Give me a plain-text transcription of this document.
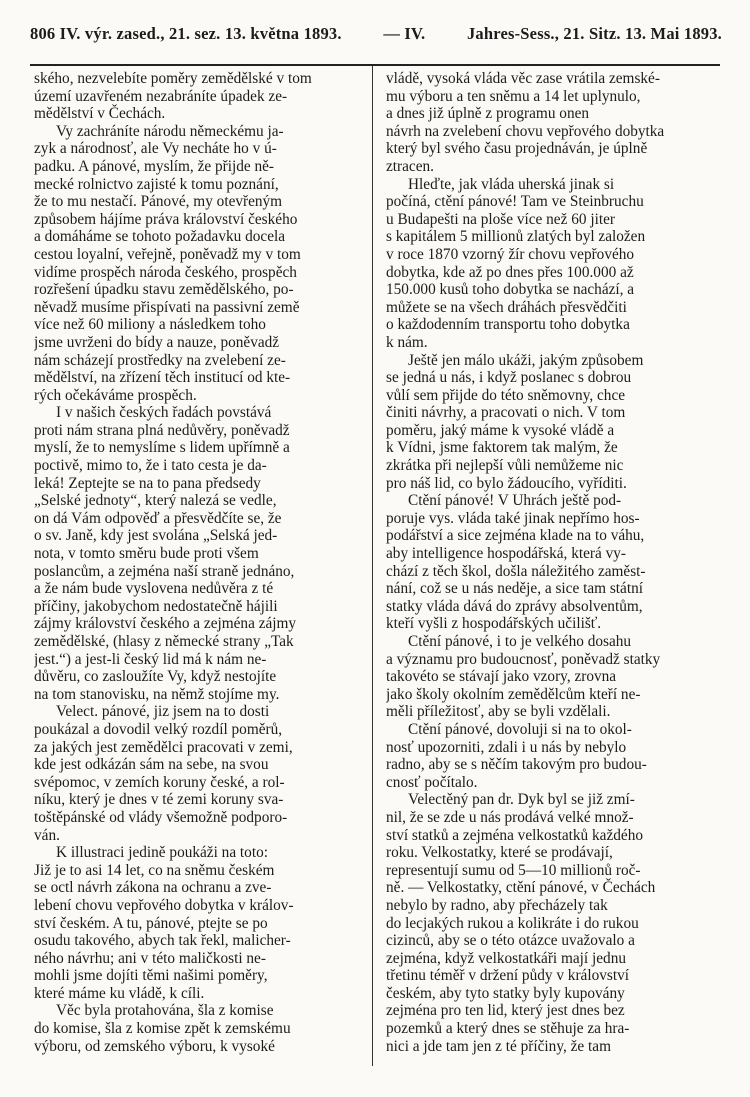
806 IV. výr. zased., 21. sez. 13. května 1893.	— IV.	Jahres-Sess., 21. Sitz. 13. Mai 1893.
ského, nezvelebíte poměry zemědělské v tom
území uzavřeném nezabráníte úpadek ze-
mědělství v Čechách.
Vy zachráníte národu německému ja-
zyk a národnosť, ale Vy necháte ho v ú-
padku. A pánové, myslím, že přijde ně-
mecké rolnictvo zajisté k tomu poznání,
že to mu nestačí. Pánové, my otevřeným
způsobem hájíme práva království českého
a domáháme se tohoto požadavku docela
cestou loyalní, veřejně, poněvadž my v tom
vidíme prospěch národa českého, prospěch
rozřešení úpadku stavu zemědělského, po-
něvadž musíme přispívati na passivní země
více než 60 miliony a následkem toho
jsme uvrženi do bídy a nauze, poněvadž
nám scházejí prostředky na zvelebení ze-
mědělství, na zřízení těch institucí od kte-
rých očekáváme prospěch.
I v našich českých řadách povstává
proti nám strana plná nedůvěry, poněvadž
myslí, že to nemyslíme s lidem upřímně a
poctivě, mimo to, že i tato cesta je da-
leká! Zeptejte se na to pana předsedy
„Selské jednoty“, který nalezá se vedle,
on dá Vám odpověď a přesvědčíte se, že
o sv. Janě, kdy jest svolána „Selská jed-
nota, v tomto směru bude proti všem
poslancům, a zejména naší straně jednáno,
a že nám bude vyslovena nedůvěra z té
příčiny, jakobychom nedostatečně hájili
zájmy království českého a zejména zájmy
zemědělské, (hlasy z německé strany „Tak
jest.“) a jest-li český lid má k nám ne-
důvěru, co zasloužíte Vy, když nestojíte
na tom stanovisku, na němž stojíme my.
Velect. pánové, jiz jsem na to dosti
poukázal a dovodil velký rozdíl poměrů,
za jakých jest zemědělci pracovati v zemi,
kde jest odkázán sám na sebe, na svou
svépomoc, v zemích koruny české, a rol-
níku, který je dnes v té zemi koruny sva-
toštěpánské od vlády všemožně podporo-
ván.
K illustraci jedině poukáži na toto:
Již je to asi 14 let, co na sněmu českém
se octl návrh zákona na ochranu a zve-
lebení chovu vepřového dobytka v králov-
ství českém. A tu, pánové, ptejte se po
osudu takového, abych tak řekl, malicher-
ného návrhu; ani v této maličkosti ne-
mohli jsme dojíti těmi našimi poměry,
které máme ku vládě, k cíli.
Věc byla protahována, šla z komise
do komise, šla z komise zpět k zemskému
výboru, od zemského výboru, k vysoké
vládě, vysoká vláda věc zase vrátila zemské-
mu výboru a ten sněmu a 14 let uplynulo,
a dnes již úplně z programu onen
návrh na zvelebení chovu vepřového dobytka
který byl svého času projednáván, je úplně
ztracen.
Hleďte, jak vláda uherská jinak si
počíná, ctění pánové! Tam ve Steinbruchu
u Budapešti na ploše více než 60 jiter
s kapitálem 5 millionů zlatých byl založen
v roce 1870 vzorný žír chovu vepřového
dobytka, kde až po dnes přes 100.000 až
150.000 kusů toho dobytka se nachází, a
můžete se na všech dráhách přesvědčiti
o každodenním transportu toho dobytka
k nám.
Ještě jen málo ukáži, jakým způsobem
se jedná u nás, i když poslanec s dobrou
vůlí sem přijde do této sněmovny, chce
činiti návrhy, a pracovati o nich. V tom
poměru, jaký máme k vysoké vládě a
k Vídni, jsme faktorem tak malým, že
zkrátka při nejlepší vůli nemůžeme nic
pro náš lid, co bylo žádoucího, vyříditi.
Ctění pánové! V Uhrách ještě pod-
poruje vys. vláda také jinak nepřímo hos-
podářství a sice zejména klade na to váhu,
aby intelligence hospodářská, která vy-
chází z těch škol, došla náležitého zaměst-
nání, což se u nás neděje, a sice tam státní
statky vláda dává do zprávy absolventům,
kteří vyšli z hospodářských učilišť.
Ctění pánové, i to je velkého dosahu
a významu pro budoucnosť, poněvadž statky
takovéto se stávají jako vzory, zrovna
jako školy okolním zemědělcům kteří ne-
měli příležitosť, aby se byli vzdělali.
Ctění pánové, dovoluji si na to okol-
nosť upozorniti, zdali i u nás by nebylo
radno, aby se s něčím takovým pro budou-
cnosť počítalo.
Velectěný pan dr. Dyk byl se již zmí-
nil, že se zde u nás prodává velké množ-
ství statků a zejména velkostatků každého
roku. Velkostatky, které se prodávají,
representují sumu od 5—10 millionů roč-
ně. — Velkostatky, ctění pánové, v Čechách
nebylo by radno, aby přecházely tak
do lecjakých rukou a kolikráte i do rukou
cizinců, aby se o této otázce uvažovalo a
zejména, když velkostatkáři mají jednu
třetinu téměř v držení půdy v království
českém, aby tyto statky byly kupovány
zejména pro ten lid, který jest dnes bez
pozemků a který dnes se stěhuje za hra-
nici a jde tam jen z té příčiny, že tam
